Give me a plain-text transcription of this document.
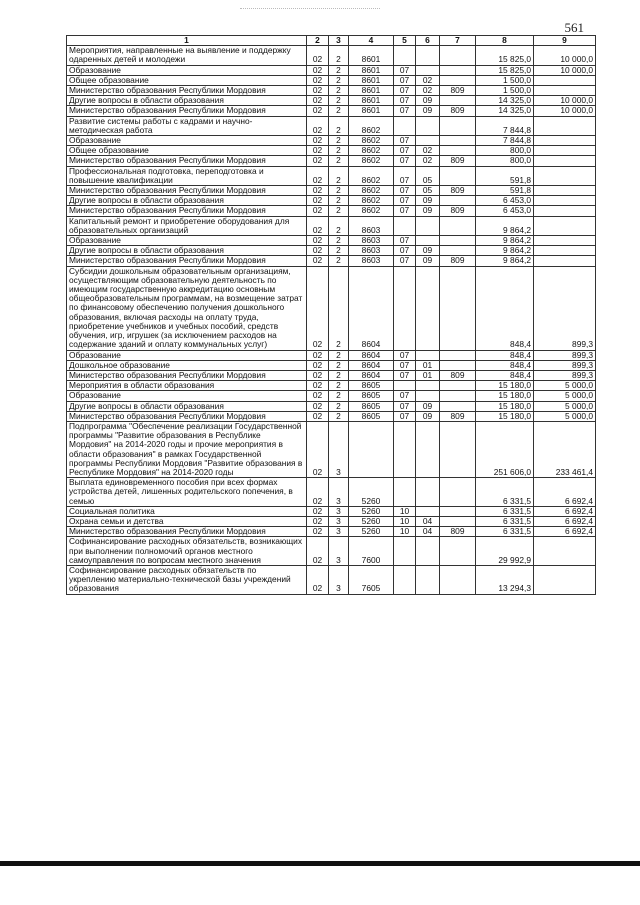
561
1	2	3	4	5	6	7	8	9
Мероприятия, направленные на выявление и поддержку одаренных детей и молодежи	02	2	8601				15 825,0	10 000,0
Образование	02	2	8601	07			15 825,0	10 000,0
Общее образование	02	2	8601	07	02		1 500,0	
Министерство образования Республики Мордовия	02	2	8601	07	02	809	1 500,0	
Другие вопросы в области образования	02	2	8601	07	09		14 325,0	10 000,0
Министерство образования Республики Мордовия	02	2	8601	07	09	809	14 325,0	10 000,0
Развитие системы работы с кадрами и научно-методическая работа	02	2	8602				7 844,8	
Образование	02	2	8602	07			7 844,8	
Общее образование	02	2	8602	07	02		800,0	
Министерство образования Республики Мордовия	02	2	8602	07	02	809	800,0	
Профессиональная подготовка, переподготовка и повышение квалификации	02	2	8602	07	05		591,8	
Министерство образования Республики Мордовия	02	2	8602	07	05	809	591,8	
Другие вопросы в области образования	02	2	8602	07	09		6 453,0	
Министерство образования Республики Мордовия	02	2	8602	07	09	809	6 453,0	
Капитальный ремонт и приобретение оборудования для образовательных организаций	02	2	8603				9 864,2	
Образование	02	2	8603	07			9 864,2	
Другие вопросы в области образования	02	2	8603	07	09		9 864,2	
Министерство образования Республики Мордовия	02	2	8603	07	09	809	9 864,2	
Субсидии дошкольным образовательным организациям, осуществляющим образовательную деятельность по имеющим государственную аккредитацию основным общеобразовательным программам, на возмещение затрат по финансовому обеспечению получения дошкольного образования, включая расходы на оплату труда, приобретение учебников и учебных пособий, средств обучения, игр, игрушек (за исключением расходов на содержание зданий и оплату коммунальных услуг)	02	2	8604				848,4	899,3
Образование	02	2	8604	07			848,4	899,3
Дошкольное образование	02	2	8604	07	01		848,4	899,3
Министерство образования Республики Мордовия	02	2	8604	07	01	809	848,4	899,3
Мероприятия в области образования	02	2	8605				15 180,0	5 000,0
Образование	02	2	8605	07			15 180,0	5 000,0
Другие вопросы в области образования	02	2	8605	07	09		15 180,0	5 000,0
Министерство образования Республики Мордовия	02	2	8605	07	09	809	15 180,0	5 000,0
Подпрограмма "Обеспечение реализации Государственной программы "Развитие образования в Республике Мордовия" на 2014-2020 годы и прочие мероприятия в области образования" в рамках Государственной программы Республики Мордовия "Развитие образования в Республике Мордовия" на 2014-2020 годы	02	3					251 606,0	233 461,4
Выплата единовременного пособия при всех формах устройства детей, лишенных родительского попечения, в семью	02	3	5260				6 331,5	6 692,4
Социальная политика	02	3	5260	10			6 331,5	6 692,4
Охрана семьи и детства	02	3	5260	10	04		6 331,5	6 692,4
Министерство образования Республики Мордовия	02	3	5260	10	04	809	6 331,5	6 692,4
Софинансирование расходных обязательств, возникающих при выполнении полномочий органов местного самоуправления по вопросам местного значения	02	3	7600				29 992,9	
Софинансирование расходных обязательств по укреплению материально-технической базы учреждений образования	02	3	7605				13 294,3	
